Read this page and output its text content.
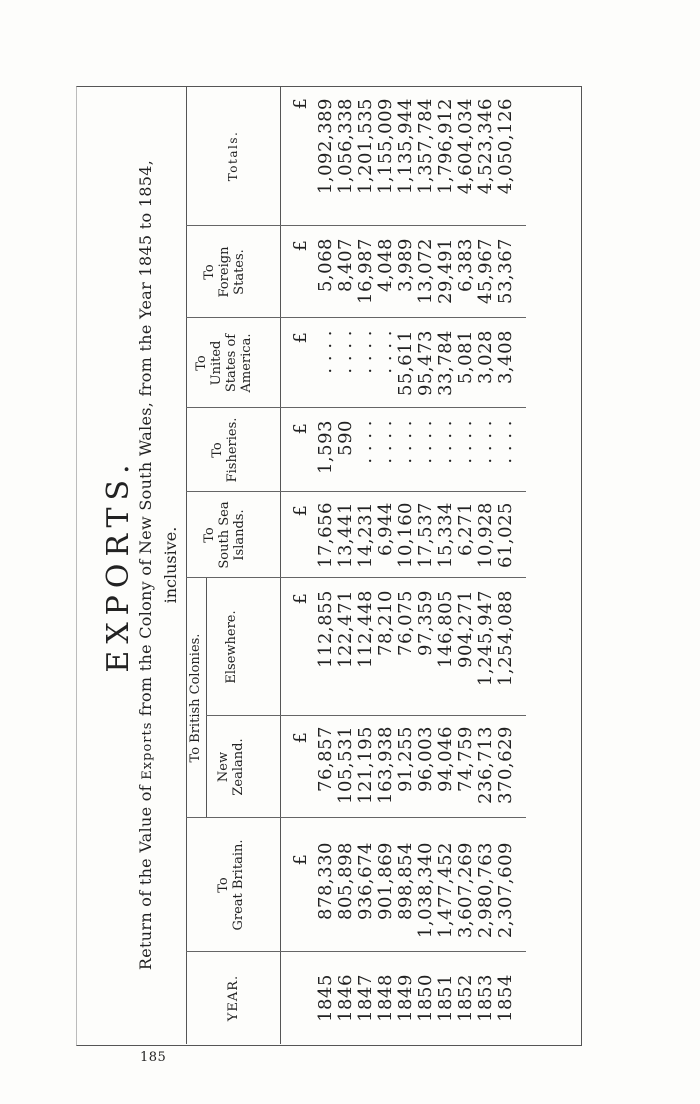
185
EXPORTS.
Return of the Value of Exports from the Colony of New South Wales, from the Year 1845 to 1854, inclusive.
YEAR.
To Great Britain.
To British Colonies.
New Zealand.
Elsewhere.
To South Sea Islands.
To Fisheries.
To United States of America.
To Foreign States.
Totals.
£
£
£
£
£
£
£
£
1845 1846 1847 1848 1849 1850 1851 1852 1853 1854
878,330 805,898 936,674 901,869 898,854 1,038,340 1,477,452 3,607,269 2,980,763 2,307,609
76,857 105,531 121,195 163,938 91,255 96,003 94,046 74,759 236,713 370,629
112,855 122,471 112,448 78,210 76,075 97,359 146,805 904,271 1,245,947 1,254,088
17,656 13,441 14,231 6,944 10,160 17,537 15,334 6,271 10,928 61,025
1,593 590 . . . . . . . . . . . . . . . . . . . . . . . . . . . . . . . .
. . . . . . . . . . . . . . . . 55,611 95,473 33,784 5,081 3,028 3,408
5,068 8,407 16,987 4,048 3,989 13,072 29,491 6,383 45,967 53,367
1,092,389 1,056,338 1,201,535 1,155,009 1,135,944 1,357,784 1,796,912 4,604,034 4,523,346 4,050,126
